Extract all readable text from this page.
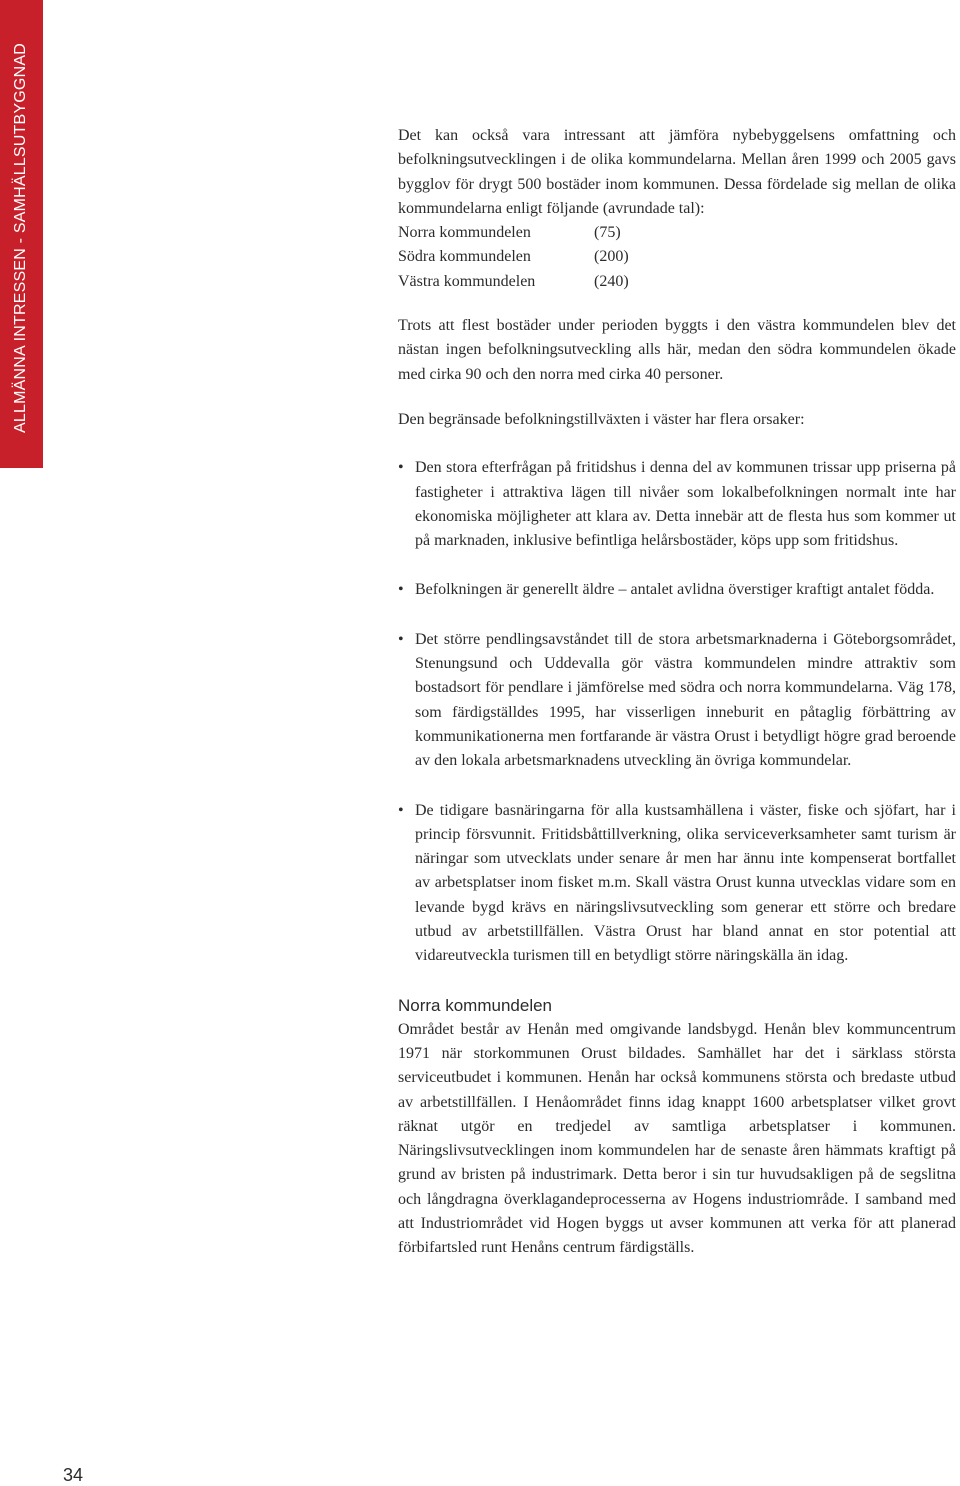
ALLMÄNNA INTRESSEN - SAMHÄLLSUTBYGGNAD	Det kan också vara intressant att jämföra nybebyggelsens omfattning och befolkningsutvecklingen i de olika kommundelarna. Mellan åren 1999 och 2005 gavs bygglov för drygt 500 bostäder inom kommunen. Dessa fördelade sig mellan de olika kommundelarna enligt följande (avrundade tal):

Norra kommundelen	(75)
Södra kommundelen	(200)
Västra kommundelen	(240)

Trots att flest bostäder under perioden byggts i den västra kommundelen blev det nästan ingen befolkningsutveckling alls här, medan den södra kommundelen ökade med cirka 90 och den norra med cirka 40 personer.

Den begränsade befolkningstillväxten i väster har flera orsaker:

• Den stora efterfrågan på fritidshus i denna del av kommunen trissar upp priserna på fastigheter i attraktiva lägen till nivåer som lokalbefolkningen normalt inte har ekonomiska möjligheter att klara av. Detta innebär att de flesta hus som kommer ut på marknaden, inklusive befintliga helårsbostäder, köps upp som fritidshus.
• Befolkningen är generellt äldre – antalet avlidna överstiger kraftigt antalet födda.
• Det större pendlingsavståndet till de stora arbetsmarknaderna i Göteborgsområdet, Stenungsund och Uddevalla gör västra kommundelen mindre attraktiv som bostadsort för pendlare i jämförelse med södra och norra kommundelarna. Väg 178, som färdigställdes 1995, har visserligen inneburit en påtaglig förbättring av kommunikationerna men fortfarande är västra Orust i betydligt högre grad beroende av den lokala arbetsmarknadens utveckling än övriga kommundelar.
• De tidigare basnäringarna för alla kustsamhällena i väster, fiske och sjöfart, har i princip försvunnit. Fritidsbåttillverkning, olika serviceverksamheter samt turism är näringar som utvecklats under senare år men har ännu inte kompenserat bortfallet av arbetsplatser inom fisket m.m. Skall västra Orust kunna utvecklas vidare som en levande bygd krävs en näringslivsutveckling som generar ett större och bredare utbud av arbetstillfällen. Västra Orust har bland annat en stor potential att vidareutveckla turismen till en betydligt större näringskälla än idag.
Norra kommundelen

Området består av Henån med omgivande landsbygd. Henån blev kommuncentrum 1971 när storkommunen Orust bildades. Samhället har det i särklass största serviceutbudet i kommunen. Henån har också kommunens största och bredaste utbud av arbetstillfällen. I Henåområdet finns idag knappt 1600 arbetsplatser vilket grovt räknat utgör en tredjedel av samtliga arbetsplatser i kommunen. Näringslivsutvecklingen inom kommundelen har de senaste åren hämmats kraftigt på grund av bristen på industrimark. Detta beror i sin tur huvudsakligen på de segslitna och långdragna överklagandeprocesserna av Hogens industriområde. I samband med att Industriområdet vid Hogen byggs ut avser kommunen att verka för att planerad förbifartsled runt Henåns centrum färdigställs.

34
